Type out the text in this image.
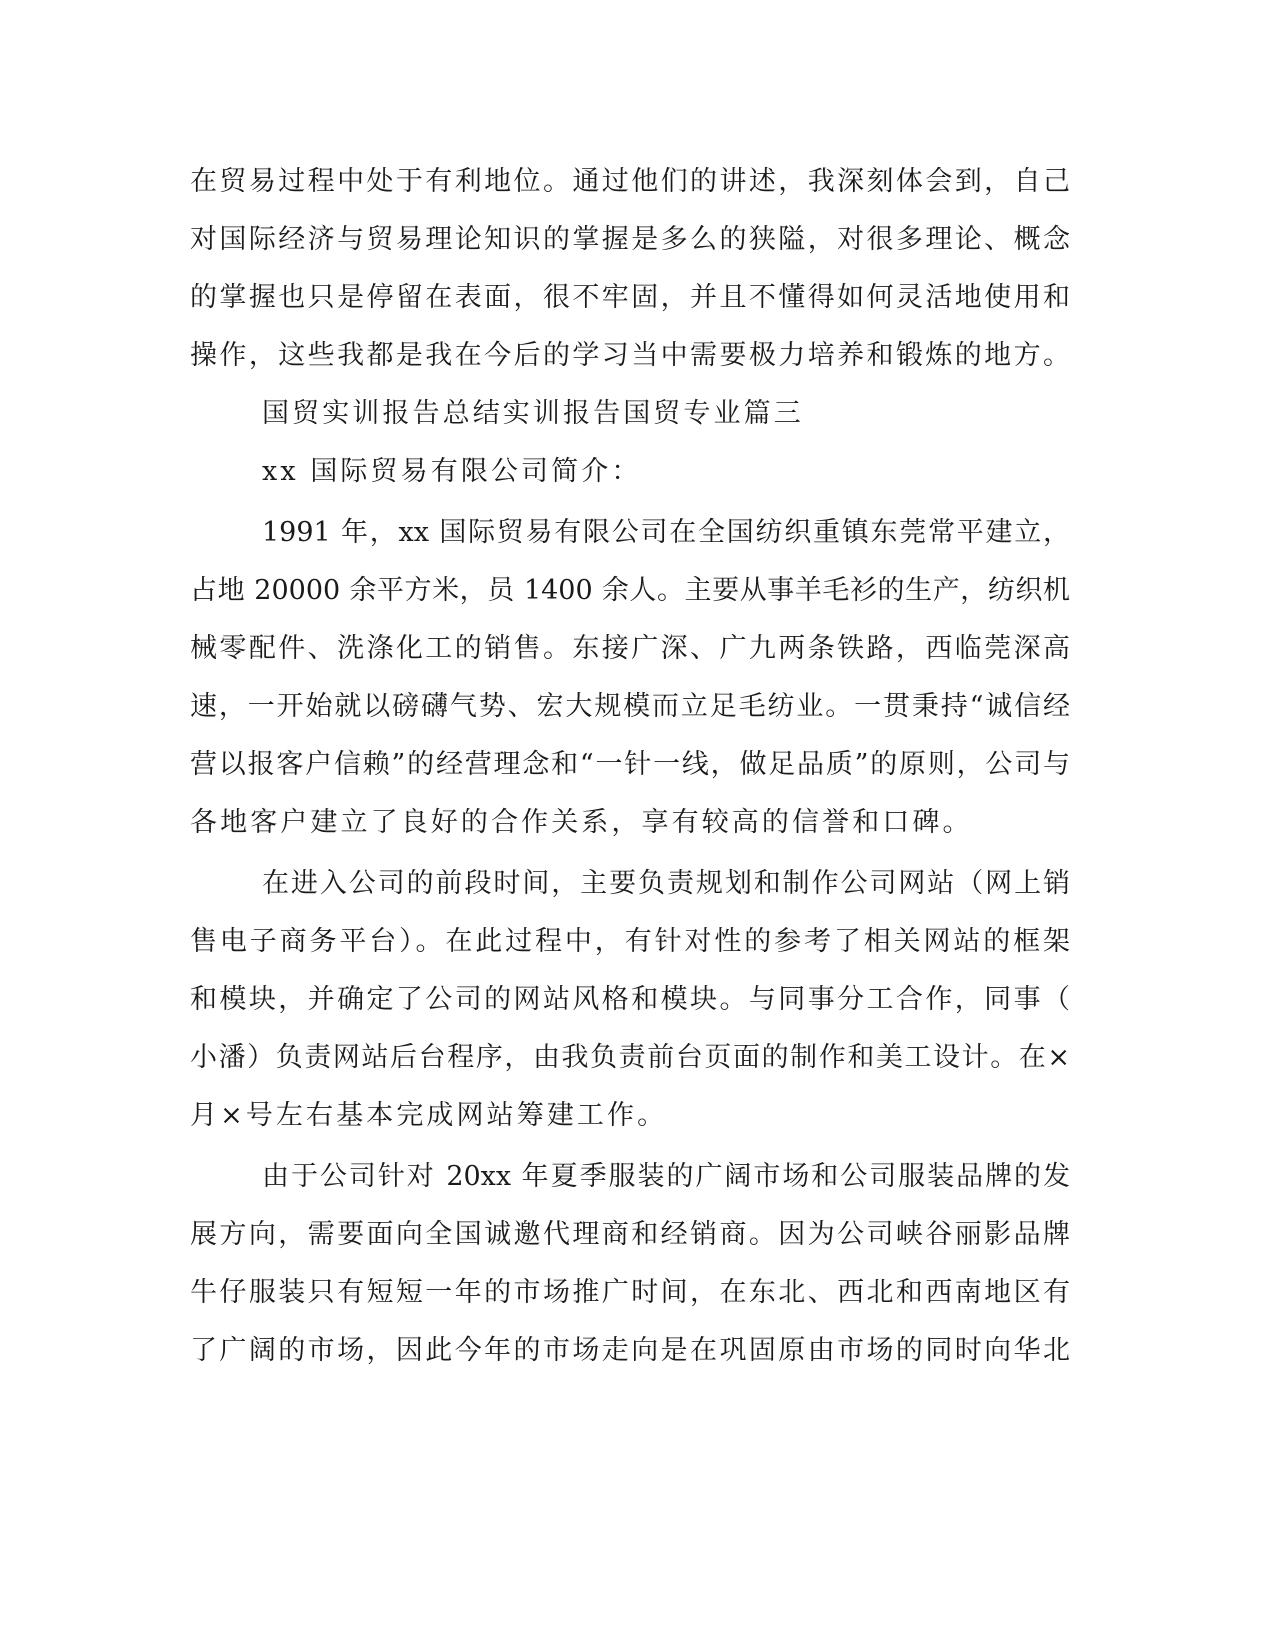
在贸易过程中处于有利地位。通过他们的讲述，我深刻体会到，自己
对国际经济与贸易理论知识的掌握是多么的狭隘，对很多理论、概念
的掌握也只是停留在表面，很不牢固，并且不懂得如何灵活地使用和
操作，这些我都是我在今后的学习当中需要极力培养和锻炼的地方。
国贸实训报告总结实训报告国贸专业篇三
xx 国际贸易有限公司简介：
1991 年，xx 国际贸易有限公司在全国纺织重镇东莞常平建立，
占地 20000 余平方米，员 1400 余人。主要从事羊毛衫的生产，纺织机
械零配件、洗涤化工的销售。东接广深、广九两条铁路，西临莞深高
速，一开始就以磅礴气势、宏大规模而立足毛纺业。一贯秉持“诚信经
营以报客户信赖”的经营理念和“一针一线，做足品质”的原则，公司与
各地客户建立了良好的合作关系，享有较高的信誉和口碑。
在进入公司的前段时间，主要负责规划和制作公司网站（网上销
售电子商务平台）。在此过程中，有针对性的参考了相关网站的框架
和模块，并确定了公司的网站风格和模块。与同事分工合作，同事（
小潘）负责网站后台程序，由我负责前台页面的制作和美工设计。在×
月×号左右基本完成网站筹建工作。
由于公司针对 20xx 年夏季服装的广阔市场和公司服装品牌的发
展方向，需要面向全国诚邀代理商和经销商。因为公司峡谷丽影品牌
牛仔服装只有短短一年的市场推广时间，在东北、西北和西南地区有
了广阔的市场，因此今年的市场走向是在巩固原由市场的同时向华北
